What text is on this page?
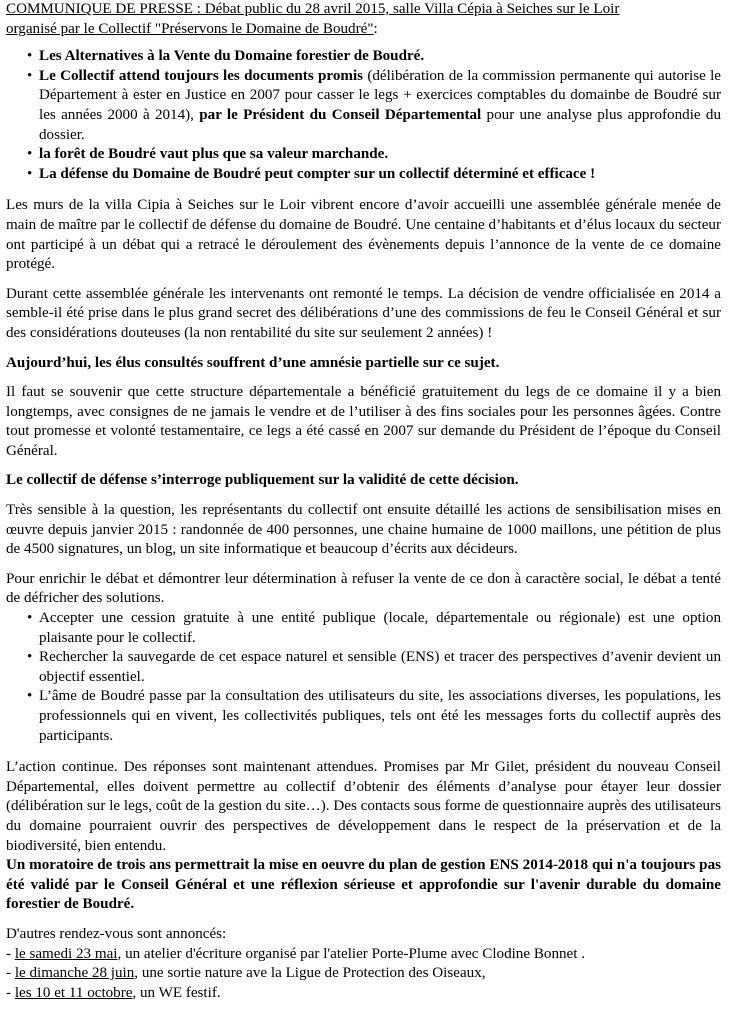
COMMUNIQUE DE PRESSE : Débat public du 28 avril 2015, salle Villa Cépia à Seiches sur le Loir
organisé par le Collectif "Préservons le Domaine de Boudré":
• Les Alternatives à la Vente du Domaine forestier de Boudré.
• Le Collectif attend toujours les documents promis (délibération de la commission permanente qui autorise le Département à ester en Justice en 2007 pour casser le legs + exercices comptables du domainbe de Boudré sur les années 2000 à 2014), par le Président du Conseil Départemental pour une analyse plus approfondie du dossier.
• la forêt de Boudré vaut plus que sa valeur marchande.
• La défense du Domaine de Boudré peut compter sur un collectif déterminé et efficace !

Les murs de la villa Cipia à Seiches sur le Loir vibrent encore d’avoir accueilli une assemblée générale menée de main de maître par le collectif de défense du domaine de Boudré. Une centaine d’habitants et d’élus locaux du secteur ont participé à un débat qui a retracé le déroulement des évènements depuis l’annonce de la vente de ce domaine protégé.

Durant cette assemblée générale les intervenants ont remonté le temps. La décision de vendre officialisée en 2014 a semble-il été prise dans le plus grand secret des délibérations d’une des commissions de feu le Conseil Général et sur des considérations douteuses (la non rentabilité du site sur seulement 2 années) !

Aujourd’hui, les élus consultés souffrent d’une amnésie partielle sur ce sujet.

Il faut se souvenir que cette structure départementale a bénéficié gratuitement du legs de ce domaine il y a bien longtemps, avec consignes de ne jamais le vendre et de l’utiliser à des fins sociales pour les personnes âgées. Contre tout promesse et volonté testamentaire, ce legs a été cassé en 2007 sur demande du Président de l’époque du Conseil Général.

Le collectif de défense s’interroge publiquement sur la validité de cette décision.

Très sensible à la question, les représentants du collectif ont ensuite détaillé les actions de sensibilisation mises en œuvre depuis janvier 2015 : randonnée de 400 personnes, une chaine humaine de 1000 maillons, une pétition de plus de 4500 signatures, un blog, un site informatique et beaucoup d’écrits aux décideurs.

Pour enrichir le débat et démontrer leur détermination à refuser la vente de ce don à caractère social, le débat a tenté de défricher des solutions.

• Accepter une cession gratuite à une entité publique (locale, départementale ou régionale) est une option plaisante pour le collectif.
• Rechercher la sauvegarde de cet espace naturel et sensible (ENS) et tracer des perspectives d’avenir devient un objectif essentiel.
• L’âme de Boudré passe par la consultation des utilisateurs du site, les associations diverses, les populations, les professionnels qui en vivent, les collectivités publiques, tels ont été les messages forts du collectif auprès des participants.

L’action continue. Des réponses sont maintenant attendues. Promises par Mr Gilet, président du nouveau Conseil Départemental, elles doivent permettre au collectif d’obtenir des éléments d’analyse pour étayer leur dossier (délibération sur le legs, coût de la gestion du site…). Des contacts sous forme de questionnaire auprès des utilisateurs du domaine pourraient ouvrir des perspectives de développement dans le respect de la préservation et de la biodiversité, bien entendu.

Un moratoire de trois ans permettrait la mise en oeuvre du plan de gestion ENS 2014-2018 qui n'a toujours pas été validé par le Conseil Général et une réflexion sérieuse et approfondie sur l'avenir durable du domaine forestier de Boudré.

D'autres rendez-vous sont annoncés:
- le samedi 23 mai, un atelier d'écriture organisé par l'atelier Porte-Plume avec Clodine Bonnet .
- le dimanche 28 juin, une sortie nature ave la Ligue de Protection des Oiseaux,
- les 10 et 11 octobre, un WE festif.
